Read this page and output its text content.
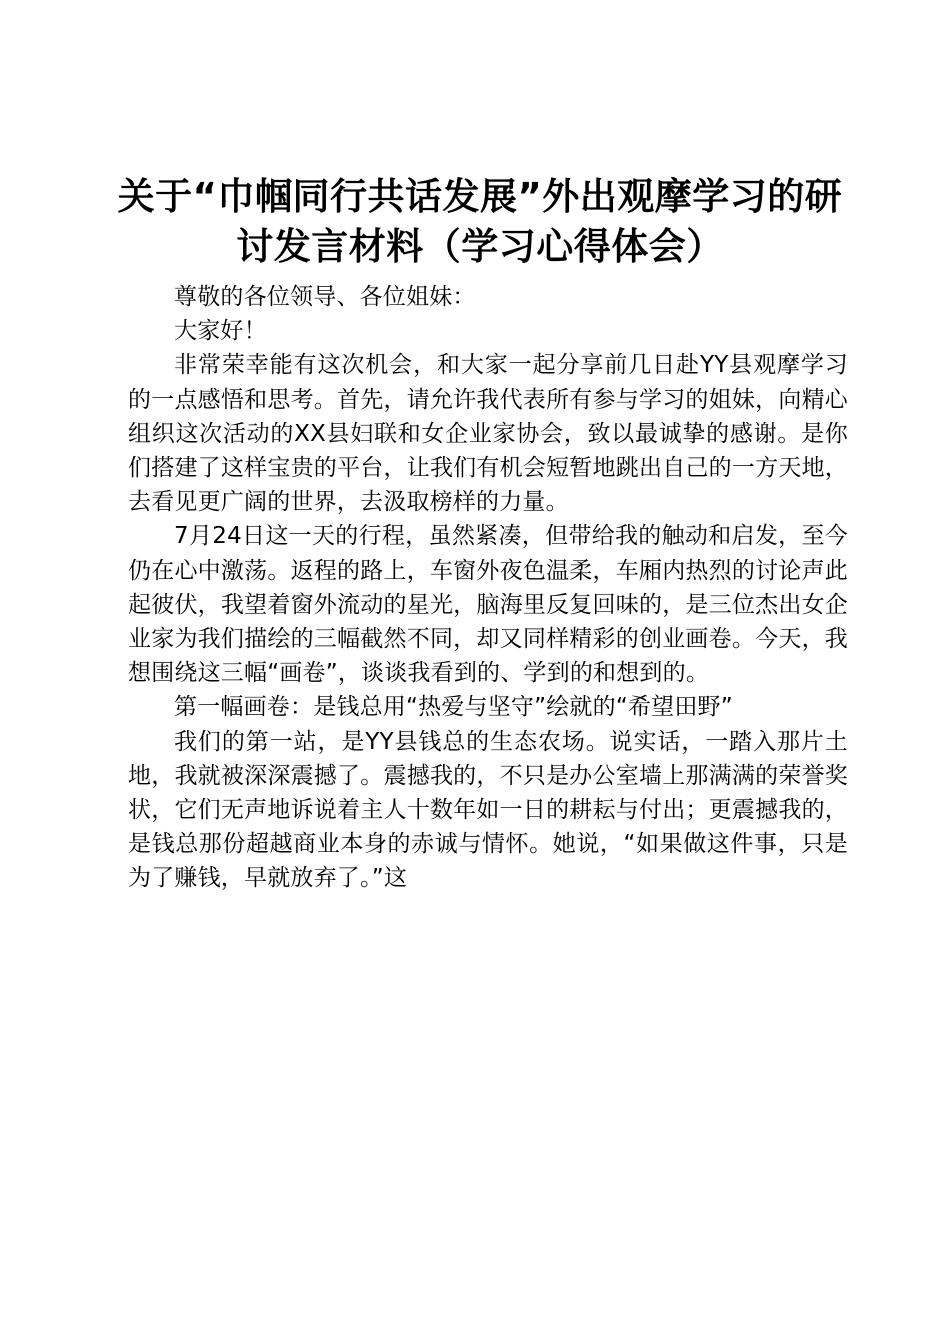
关于“巾帼同行共话发展”外出观摩学习的研讨发言材料（学习心得体会）

尊敬的各位领导、各位姐妹：

大家好！

非常荣幸能有这次机会，和大家一起分享前几日赴YY县观摩学习的一点感悟和思考。首先，请允许我代表所有参与学习的姐妹，向精心组织这次活动的XX县妇联和女企业家协会，致以最诚挚的感谢。是你们搭建了这样宝贵的平台，让我们有机会短暂地跳出自己的一方天地，去看见更广阔的世界，去汲取榜样的力量。

7月24日这一天的行程，虽然紧凑，但带给我的触动和启发，至今仍在心中激荡。返程的路上，车窗外夜色温柔，车厢内热烈的讨论声此起彼伏，我望着窗外流动的星光，脑海里反复回味的，是三位杰出女企业家为我们描绘的三幅截然不同，却又同样精彩的创业画卷。今天，我想围绕这三幅“画卷”，谈谈我看到的、学到的和想到的。

第一幅画卷：是钱总用“热爱与坚守”绘就的“希望田野”

我们的第一站，是YY县钱总的生态农场。说实话，一踏入那片土地，我就被深深震撼了。震撼我的，不只是办公室墙上那满满的荣誉奖状，它们无声地诉说着主人十数年如一日的耕耘与付出；更震撼我的，是钱总那份超越商业本身的赤诚与情怀。她说，“如果做这件事，只是为了赚钱，早就放弃了。”这
